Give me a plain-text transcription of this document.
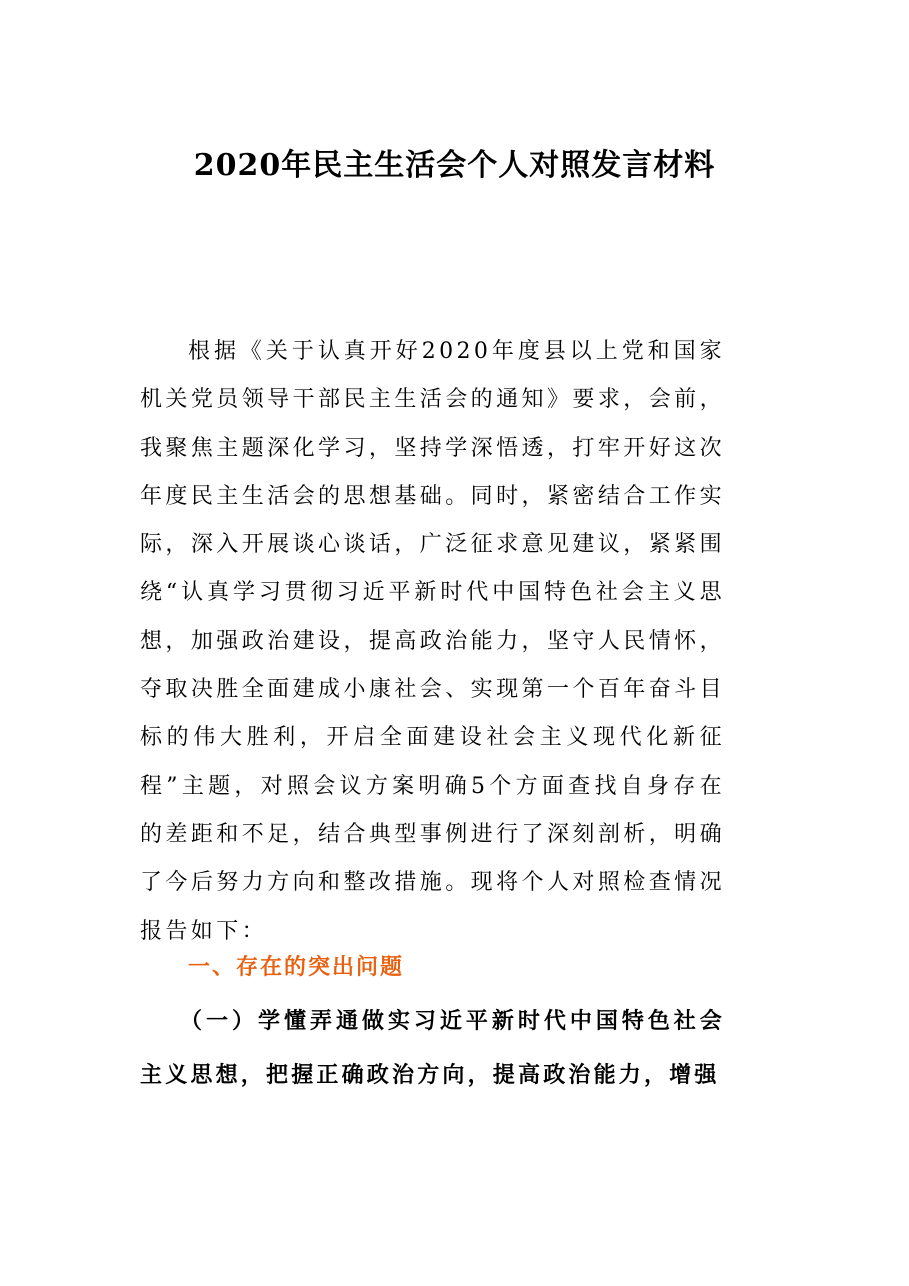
2020年民主生活会个人对照发言材料

根据《关于认真开好2020年度县以上党和国家机关党员领导干部民主生活会的通知》要求，会前，我聚焦主题深化学习，坚持学深悟透，打牢开好这次年度民主生活会的思想基础。同时，紧密结合工作实际，深入开展谈心谈话，广泛征求意见建议，紧紧围绕“认真学习贯彻习近平新时代中国特色社会主义思想，加强政治建设，提高政治能力，坚守人民情怀，夺取决胜全面建成小康社会、实现第一个百年奋斗目标的伟大胜利，开启全面建设社会主义现代化新征程”主题，对照会议方案明确5个方面查找自身存在的差距和不足，结合典型事例进行了深刻剖析，明确了今后努力方向和整改措施。现将个人对照检查情况报告如下：

一、存在的突出问题

（一）学懂弄通做实习近平新时代中国特色社会主义思想，把握正确政治方向，提高政治能力，增强
